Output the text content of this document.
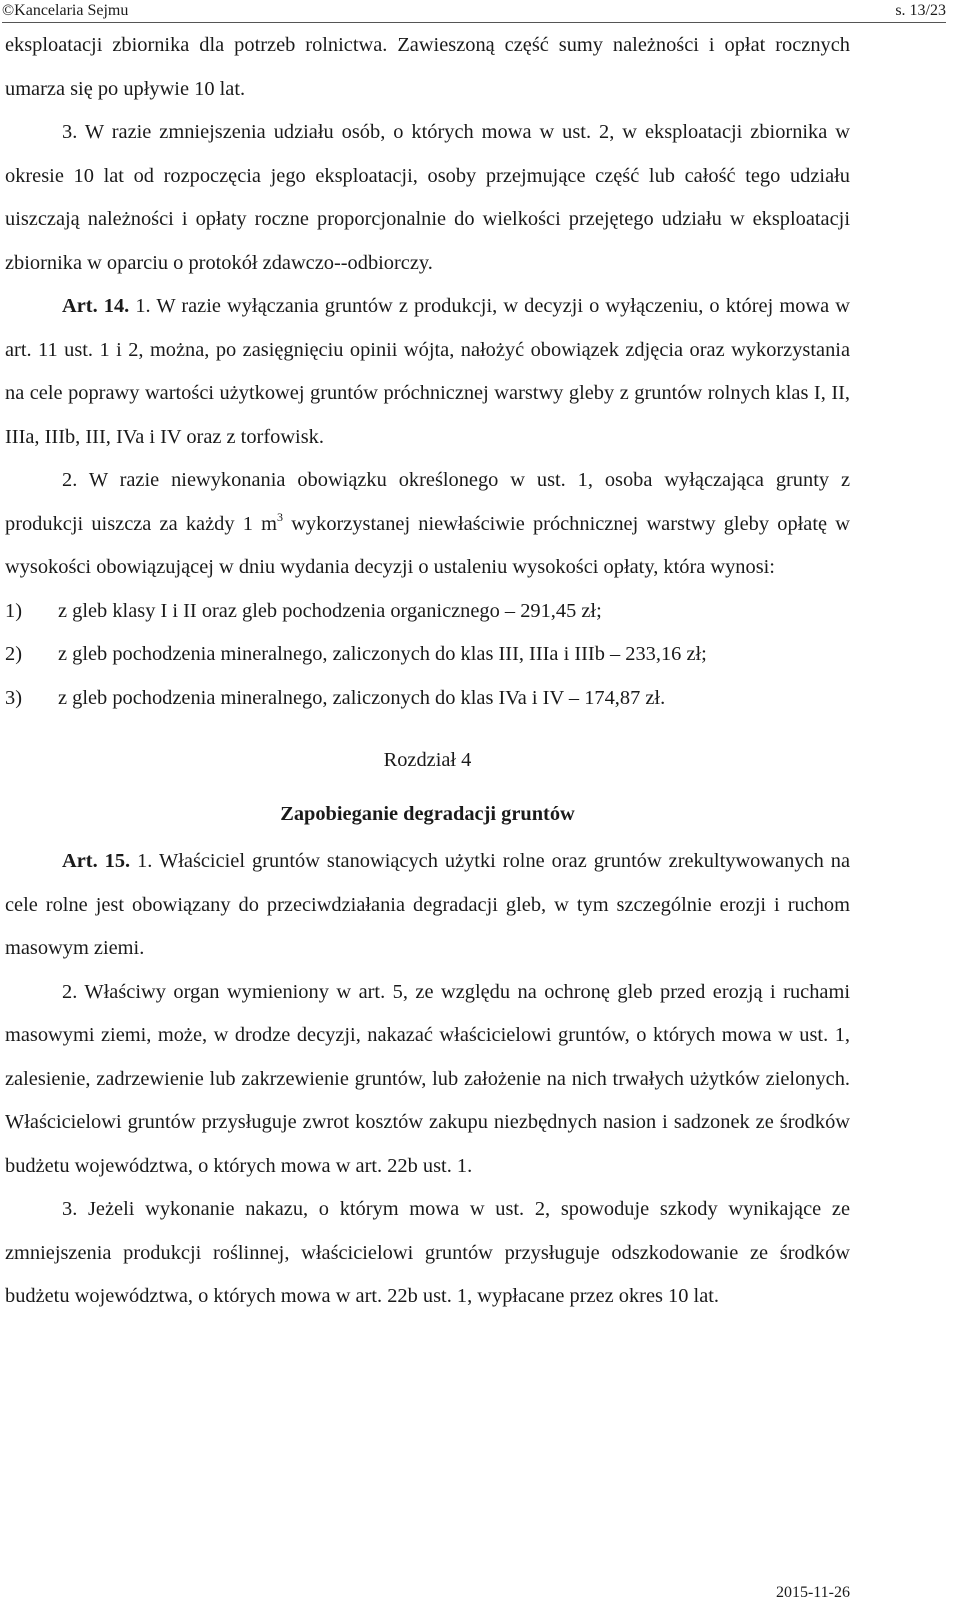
©Kancelaria Sejmu	s. 13/23

eksploatacji zbiornika dla potrzeb rolnictwa. Zawieszoną część sumy należności i opłat rocznych umarza się po upływie 10 lat.

3. W razie zmniejszenia udziału osób, o których mowa w ust. 2, w eksploatacji zbiornika w okresie 10 lat od rozpoczęcia jego eksploatacji, osoby przejmujące część lub całość tego udziału uiszczają należności i opłaty roczne proporcjonalnie do wielkości przejętego udziału w eksploatacji zbiornika w oparciu o protokół zdawczo--odbiorczy.

Art. 14. 1. W razie wyłączania gruntów z produkcji, w decyzji o wyłączeniu, o której mowa w art. 11 ust. 1 i 2, można, po zasięgnięciu opinii wójta, nałożyć obowiązek zdjęcia oraz wykorzystania na cele poprawy wartości użytkowej gruntów próchnicznej warstwy gleby z gruntów rolnych klas I, II, IIIa, IIIb, III, IVa i IV oraz z torfowisk.

2. W razie niewykonania obowiązku określonego w ust. 1, osoba wyłączająca grunty z produkcji uiszcza za każdy 1 $m^3$ wykorzystanej niewłaściwie próchnicznej warstwy gleby opłatę w wysokości obowiązującej w dniu wydania decyzji o ustaleniu wysokości opłaty, która wynosi:

1) z gleb klasy I i II oraz gleb pochodzenia organicznego – 291,45 zł;
2) z gleb pochodzenia mineralnego, zaliczonych do klas III, IIIa i IIIb – 233,16 zł;
3) z gleb pochodzenia mineralnego, zaliczonych do klas IVa i IV – 174,87 zł.
Rozdział 4
Zapobieganie degradacji gruntów

Art. 15. 1. Właściciel gruntów stanowiących użytki rolne oraz gruntów zrekultywowanych na cele rolne jest obowiązany do przeciwdziałania degradacji gleb, w tym szczególnie erozji i ruchom masowym ziemi.

2. Właściwy organ wymieniony w art. 5, ze względu na ochronę gleb przed erozją i ruchami masowymi ziemi, może, w drodze decyzji, nakazać właścicielowi gruntów, o których mowa w ust. 1, zalesienie, zadrzewienie lub zakrzewienie gruntów, lub założenie na nich trwałych użytków zielonych. Właścicielowi gruntów przysługuje zwrot kosztów zakupu niezbędnych nasion i sadzonek ze środków budżetu województwa, o których mowa w art. 22b ust. 1.

3. Jeżeli wykonanie nakazu, o którym mowa w ust. 2, spowoduje szkody wynikające ze zmniejszenia produkcji roślinnej, właścicielowi gruntów przysługuje odszkodowanie ze środków budżetu województwa, o których mowa w art. 22b ust. 1, wypłacane przez okres 10 lat.

2015-11-26
